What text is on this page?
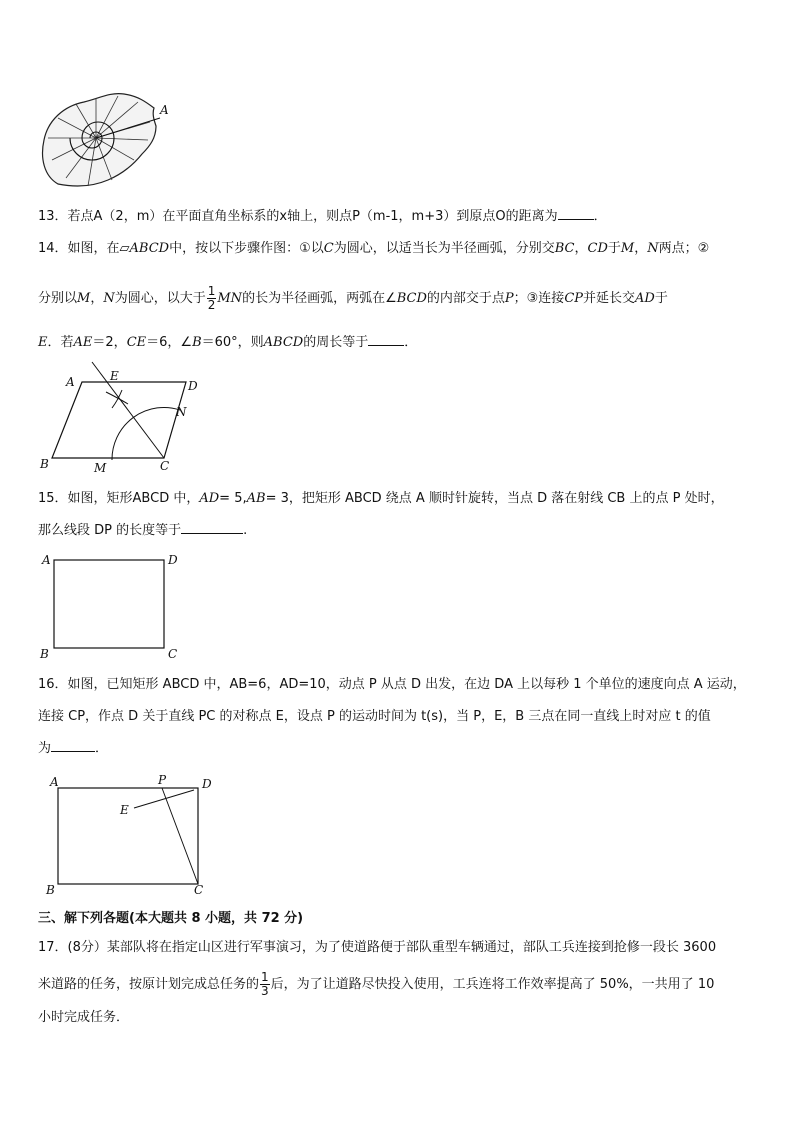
A
13．若点A（2，m）在平面直角坐标系的x轴上，则点P（m-1，m+3）到原点O的距离为	．
14．如图，在▱ABCD中，按以下步骤作图：①以C为圆心，以适当长为半径画弧，分别交BC，CD于M，N两点；②
分别以M，N为圆心，以大于 $\frac{1}{2}$ MN的长为半径画弧，两弧在∠BCD的内部交于点P；③连接CP并延长交AD于
E．若AE＝2，CE＝6，∠B＝60°，则ABCD的周长等于	．
A	E
D
N
B	M	C
15．如图，矩形ABCD 中，AD= 5,AB= 3，把矩形 ABCD 绕点 A 顺时针旋转，当点 D 落在射线 CB 上的点 P 处时，
那么线段 DP 的长度等于	.
A	D
B	C
16．如图，已知矩形 ABCD 中，AB=6，AD=10，动点 P 从点 D 出发，在边 DA 上以每秒 1 个单位的速度向点 A 运动，
连接 CP，作点 D 关于直线 PC 的对称点 E，设点 P 的运动时间为 t(s)，当 P，E，B 三点在同一直线上时对应 t 的值
为	．
A	P	D
E
B	C
三、解下列各题(本大题共 8 小题，共 72 分)
17．(8分）某部队将在指定山区进行军事演习，为了使道路便于部队重型车辆通过，部队工兵连接到抢修一段长 3600
米道路的任务，按原计划完成总任务的 $\frac{1}{3}$ 后，为了让道路尽快投入使用，工兵连将工作效率提高了 50%，一共用了 10
小时完成任务．
